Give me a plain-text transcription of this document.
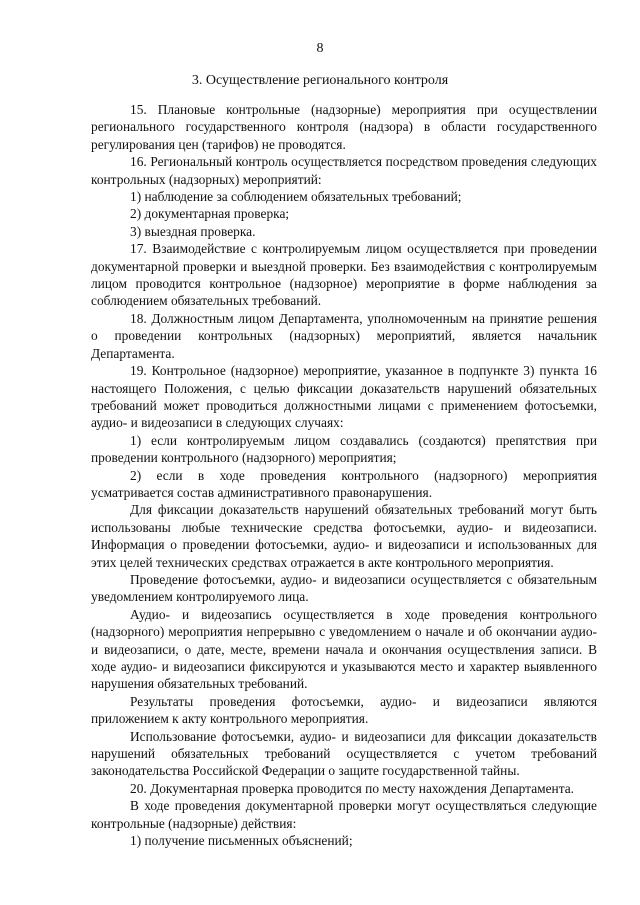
8
3. Осуществление регионального контроля

15. Плановые контрольные (надзорные) мероприятия при осуществлении регионального государственного контроля (надзора) в области государственного регулирования цен (тарифов) не проводятся.

16. Региональный контроль осуществляется посредством проведения следующих контрольных (надзорных) мероприятий:

1) наблюдение за соблюдением обязательных требований;

2) документарная проверка;

3) выездная проверка.

17. Взаимодействие с контролируемым лицом осуществляется при проведении документарной проверки и выездной проверки. Без взаимодействия с контролируемым лицом проводится контрольное (надзорное) мероприятие в форме наблюдения за соблюдением обязательных требований.

18. Должностным лицом Департамента, уполномоченным на принятие решения о проведении контрольных (надзорных) мероприятий, является начальник Департамента.

19. Контрольное (надзорное) мероприятие, указанное в подпункте 3) пункта 16 настоящего Положения, с целью фиксации доказательств нарушений обязательных требований может проводиться должностными лицами с применением фотосъемки, аудио- и видеозаписи в следующих случаях:

1) если контролируемым лицом создавались (создаются) препятствия при проведении контрольного (надзорного) мероприятия;

2) если в ходе проведения контрольного (надзорного) мероприятия усматривается состав административного правонарушения.

Для фиксации доказательств нарушений обязательных требований могут быть использованы любые технические средства фотосъемки, аудио- и видеозаписи. Информация о проведении фотосъемки, аудио- и видеозаписи и использованных для этих целей технических средствах отражается в акте контрольного мероприятия.

Проведение фотосъемки, аудио- и видеозаписи осуществляется с обязательным уведомлением контролируемого лица.

Аудио- и видеозапись осуществляется в ходе проведения контрольного (надзорного) мероприятия непрерывно с уведомлением о начале и об окончании аудио- и видеозаписи, о дате, месте, времени начала и окончания осуществления записи. В ходе аудио- и видеозаписи фиксируются и указываются место и характер выявленного нарушения обязательных требований.

Результаты проведения фотосъемки, аудио- и видеозаписи являются приложением к акту контрольного мероприятия.

Использование фотосъемки, аудио- и видеозаписи для фиксации доказательств нарушений обязательных требований осуществляется с учетом требований законодательства Российской Федерации о защите государственной тайны.

20. Документарная проверка проводится по месту нахождения Департамента.

В ходе проведения документарной проверки могут осуществляться следующие контрольные (надзорные) действия:

1) получение письменных объяснений;
